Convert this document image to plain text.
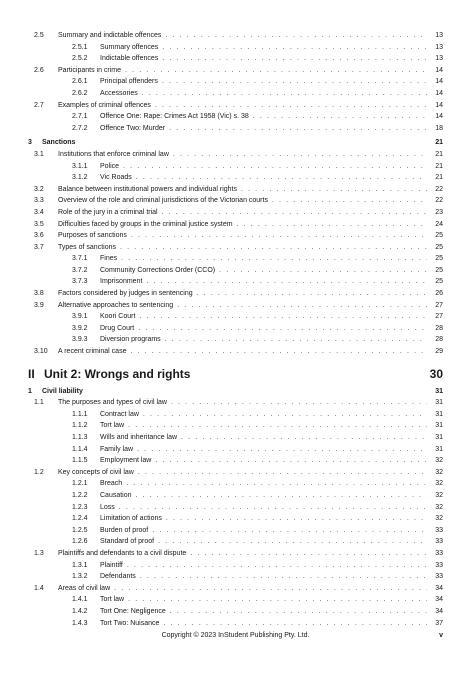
2.5	Summary and indictable offences . . .	13
2.5.1	Summary offences . . .	13
2.5.2	Indictable offences . . .	13
2.6	Participants in crime . . .	14
2.6.1	Principal offenders . . .	14
2.6.2	Accessories . . .	14
2.7	Examples of criminal offences . . .	14
2.7.1	Offence One: Rape: Crimes Act 1958 (Vic) s. 38 . . .	14
2.7.2	Offence Two: Murder . . .	18
3	Sanctions	21
3.1	Institutions that enforce criminal law . . .	21
3.1.1	Police . . .	21
3.1.2	Vic Roads . . .	21
3.2	Balance between institutional powers and individual rights . . .	22
3.3	Overview of the role and criminal jurisdictions of the Victorian courts . . .	22
3.4	Role of the jury in a criminal trial . . .	23
3.5	Difficulties faced by groups in the criminal justice system . . .	24
3.6	Purposes of sanctions . . .	25
3.7	Types of sanctions . . .	25
3.7.1	Fines . . .	25
3.7.2	Community Corrections Order (CCO) . . .	25
3.7.3	Imprisonment . . .	25
3.8	Factors considered by judges in sentencing . . .	26
3.9	Alternative approaches to sentencing . . .	27
3.9.1	Koori Court . . .	27
3.9.2	Drug Court . . .	28
3.9.3	Diversion programs . . .	28
3.10	A recent criminal case . . .	29
II Unit 2: Wrongs and rights	30
1	Civil liability	31
1.1	The purposes and types of civil law . . .	31
1.1.1	Contract law . . .	31
1.1.2	Tort law . . .	31
1.1.3	Wills and inheritance law . . .	31
1.1.4	Family law . . .	31
1.1.5	Employment law . . .	32
1.2	Key concepts of civil law . . .	32
1.2.1	Breach . . .	32
1.2.2	Causation . . .	32
1.2.3	Loss . . .	32
1.2.4	Limitation of actions . . .	32
1.2.5	Burden of proof . . .	33
1.2.6	Standard of proof . . .	33
1.3	Plaintiffs and defendants to a civil dispute . . .	33
1.3.1	Plaintiff . . .	33
1.3.2	Defendants . . .	33
1.4	Areas of civil law . . .	34
1.4.1	Tort law . . .	34
1.4.2	Tort One: Negligence . . .	34
1.4.3	Tort Two: Nuisance . . .	37
Copyright © 2023 InStudent Publishing Pty. Ltd.	v
